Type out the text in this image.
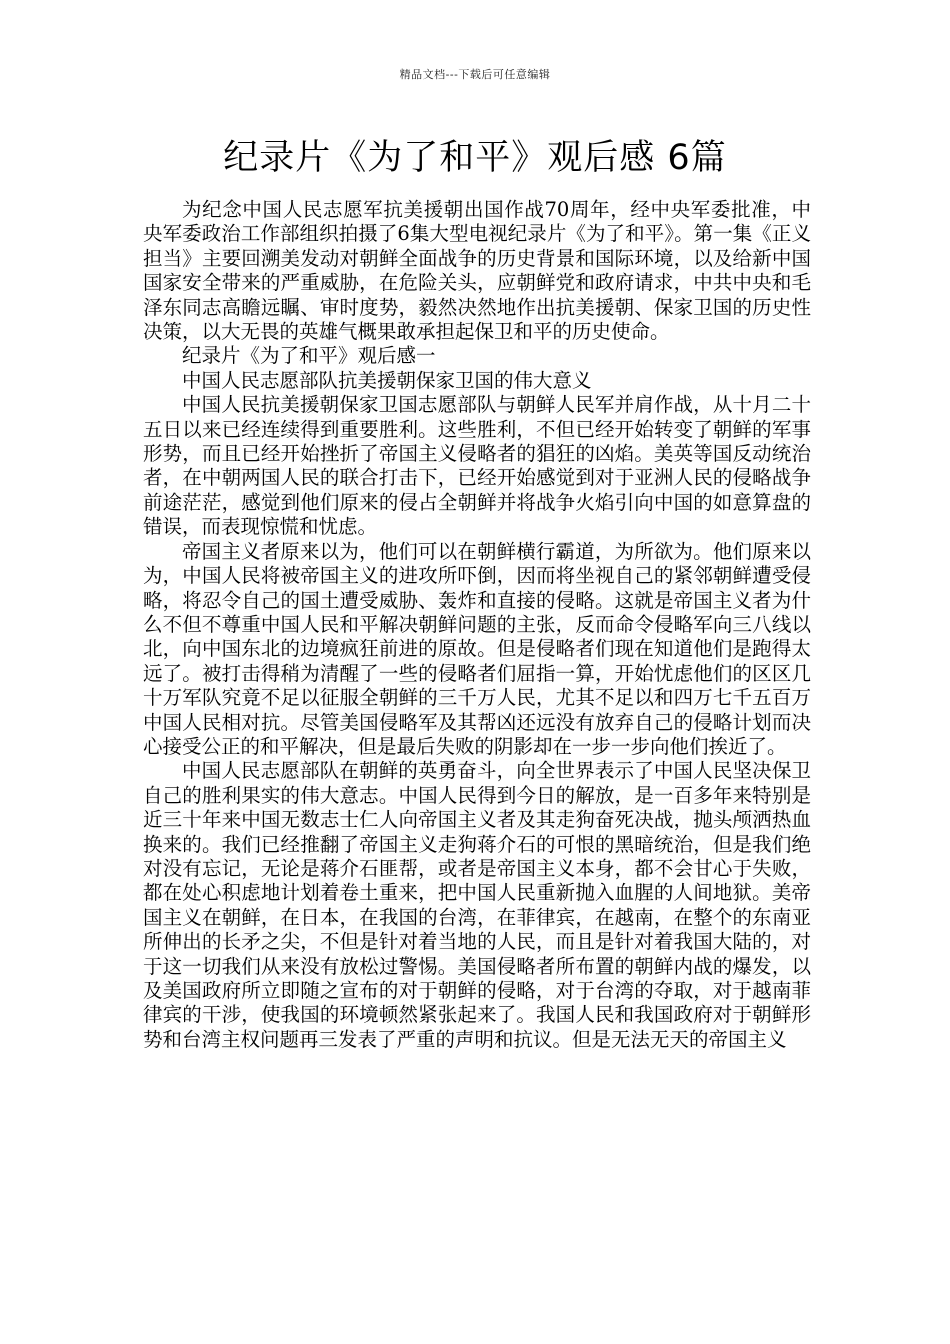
精品文档---下载后可任意编辑
纪录片《为了和平》观后感 6篇

为纪念中国人民志愿军抗美援朝出国作战70周年，经中央军委批准，中央军委政治工作部组织拍摄了6集大型电视纪录片《为了和平》。第一集《正义担当》主要回溯美发动对朝鲜全面战争的历史背景和国际环境，以及给新中国国家安全带来的严重威胁，在危险关头，应朝鲜党和政府请求，中共中央和毛泽东同志高瞻远瞩、审时度势，毅然决然地作出抗美援朝、保家卫国的历史性决策，以大无畏的英雄气概果敢承担起保卫和平的历史使命。

纪录片《为了和平》观后感一

中国人民志愿部队抗美援朝保家卫国的伟大意义

中国人民抗美援朝保家卫国志愿部队与朝鲜人民军并肩作战，从十月二十五日以来已经连续得到重要胜利。这些胜利，不但已经开始转变了朝鲜的军事形势，而且已经开始挫折了帝国主义侵略者的猖狂的凶焰。美英等国反动统治者，在中朝两国人民的联合打击下，已经开始感觉到对于亚洲人民的侵略战争前途茫茫，感觉到他们原来的侵占全朝鲜并将战争火焰引向中国的如意算盘的错误，而表现惊慌和忧虑。

帝国主义者原来以为，他们可以在朝鲜横行霸道，为所欲为。他们原来以为，中国人民将被帝国主义的进攻所吓倒，因而将坐视自己的紧邻朝鲜遭受侵略，将忍令自己的国土遭受威胁、轰炸和直接的侵略。这就是帝国主义者为什么不但不尊重中国人民和平解决朝鲜问题的主张，反而命令侵略军向三八线以北，向中国东北的边境疯狂前进的原故。但是侵略者们现在知道他们是跑得太远了。被打击得稍为清醒了一些的侵略者们屈指一算，开始忧虑他们的区区几十万军队究竟不足以征服全朝鲜的三千万人民，尤其不足以和四万七千五百万中国人民相对抗。尽管美国侵略军及其帮凶还远没有放弃自己的侵略计划而决心接受公正的和平解决，但是最后失败的阴影却在一步一步向他们挨近了。

中国人民志愿部队在朝鲜的英勇奋斗，向全世界表示了中国人民坚决保卫自己的胜利果实的伟大意志。中国人民得到今日的解放，是一百多年来特别是近三十年来中国无数志士仁人向帝国主义者及其走狗奋死决战，抛头颅洒热血换来的。我们已经推翻了帝国主义走狗蒋介石的可恨的黑暗统治，但是我们绝对没有忘记，无论是蒋介石匪帮，或者是帝国主义本身，都不会甘心于失败，都在处心积虑地计划着卷土重来，把中国人民重新抛入血腥的人间地狱。美帝国主义在朝鲜，在日本，在我国的台湾，在菲律宾，在越南，在整个的东南亚所伸出的长矛之尖，不但是针对着当地的人民，而且是针对着我国大陆的，对于这一切我们从来没有放松过警惕。美国侵略者所布置的朝鲜内战的爆发，以及美国政府所立即随之宣布的对于朝鲜的侵略，对于台湾的夺取，对于越南菲律宾的干涉，使我国的环境顿然紧张起来了。我国人民和我国政府对于朝鲜形势和台湾主权问题再三发表了严重的声明和抗议。但是无法无天的帝国主义
